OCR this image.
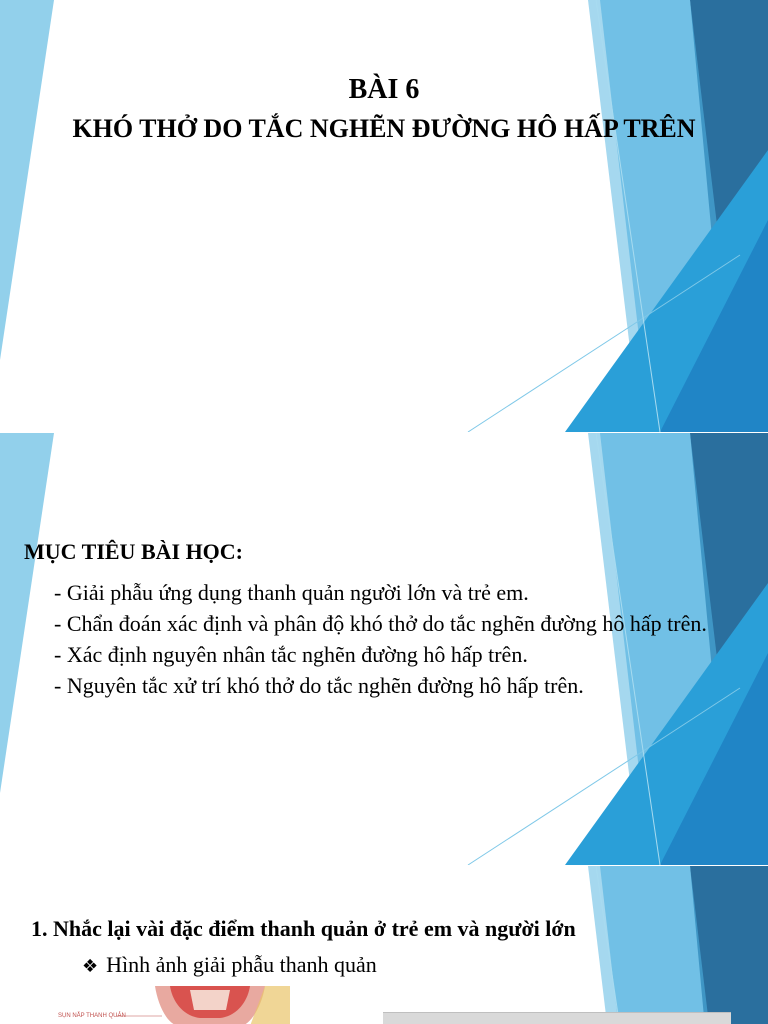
BÀI 6
KHÓ THỞ DO TẮC NGHẼN ĐƯỜNG HÔ HẤP TRÊN
MỤC TIÊU BÀI HỌC:
- Giải phẫu ứng dụng thanh quản người lớn và trẻ em.
- Chẩn đoán xác định và phân độ khó thở do tắc nghẽn đường hô hấp trên.
- Xác định nguyên nhân tắc nghẽn đường hô hấp trên.
- Nguyên tắc xử trí khó thở do tắc nghẽn đường hô hấp trên.
1. Nhắc lại vài đặc điểm thanh quản ở trẻ em và người lớn
❖ Hình ảnh giải phẫu thanh quản
SỤN NẮP THANH QUẢN
